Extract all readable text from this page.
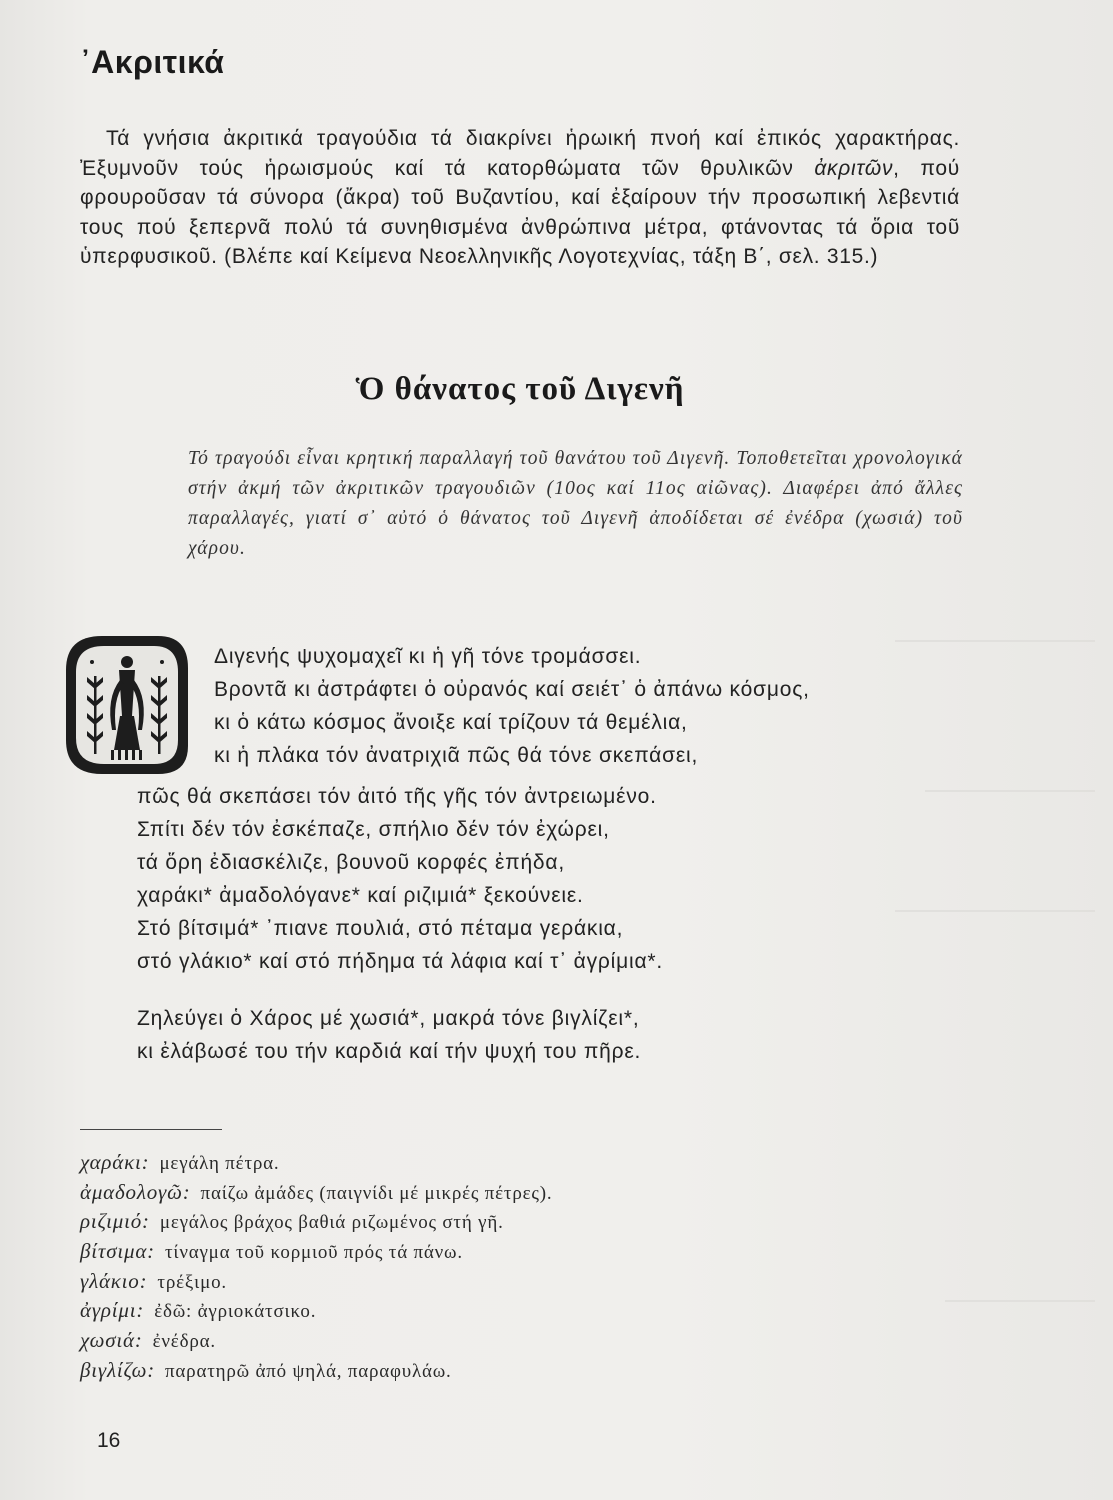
᾿Ακριτικά

Τά γνήσια ἀκριτικά τραγούδια τά διακρίνει ἡρωική πνοή καί ἐπικός χαρακτήρας. Ἐξυμνοῦν τούς ἡρωισμούς καί τά κατορθώματα τῶν θρυλικῶν ἀκριτῶν, πού φρουροῦσαν τά σύνορα (ἄκρα) τοῦ Βυζαντίου, καί ἐξαίρουν τήν προσωπική λεβεντιά τους πού ξεπερνᾶ πολύ τά συνηθισμένα ἀνθρώπινα μέτρα, φτάνοντας τά ὅρια τοῦ ὑπερφυσικοῦ. (Βλέπε καί Κείμενα Νεοελληνικῆς Λογοτεχνίας, τάξη Β΄, σελ. 315.)

Ὁ θάνατος τοῦ Διγενῆ

Τό τραγούδι εἶναι κρητική παραλλαγή τοῦ θανάτου τοῦ Διγενῆ. Τοποθετεῖται χρονολογικά στήν ἀκμή τῶν ἀκριτικῶν τραγουδιῶν (10ος καί 11ος αἰῶνας). Διαφέρει ἀπό ἄλλες παραλλαγές, γιατί σ᾿ αὐτό ὁ θάνατος τοῦ Διγενῆ ἀποδίδεται σέ ἐνέδρα (χωσιά) τοῦ χάρου.

Διγενής ψυχομαχεῖ κι ἡ γῆ τόνε τρομάσσει.
Βροντᾶ κι ἀστράφτει ὁ οὐρανός καί σειέτ᾿ ὁ ἀπάνω κόσμος,
κι ὁ κάτω κόσμος ἄνοιξε καί τρίζουν τά θεμέλια,
κι ἡ πλάκα τόν ἀνατριχιᾶ πῶς θά τόνε σκεπάσει,
πῶς θά σκεπάσει τόν ἀιτό τῆς γῆς τόν ἀντρειωμένο.
Σπίτι δέν τόν ἐσκέπαζε, σπήλιο δέν τόν ἐχώρει,
τά ὅρη ἐδιασκέλιζε, βουνοῦ κορφές ἐπήδα,
χαράκι* ἀμαδολόγανε* καί ριζιμιά* ξεκούνειε.
Στό βίτσιμά* ᾿πιανε πουλιά, στό πέταμα γεράκια,
στό γλάκιο* καί στό πήδημα τά λάφια καί τ᾿ ἀγρίμια*.
Ζηλεύγει ὁ Χάρος μέ χωσιά*, μακρά τόνε βιγλίζει*,
κι ἐλάβωσέ του τήν καρδιά καί τήν ψυχή του πῆρε.
χαράκι: μεγάλη πέτρα.
ἀμαδολογῶ: παίζω ἀμάδες (παιγνίδι μέ μικρές πέτρες).
ριζιμιό: μεγάλος βράχος βαθιά ριζωμένος στή γῆ.
βίτσιμα: τίναγμα τοῦ κορμιοῦ πρός τά πάνω.
γλάκιο: τρέξιμο.
ἀγρίμι: ἐδῶ: ἀγριοκάτσικο.
χωσιά: ἐνέδρα.
βιγλίζω: παρατηρῶ ἀπό ψηλά, παραφυλάω.
16
